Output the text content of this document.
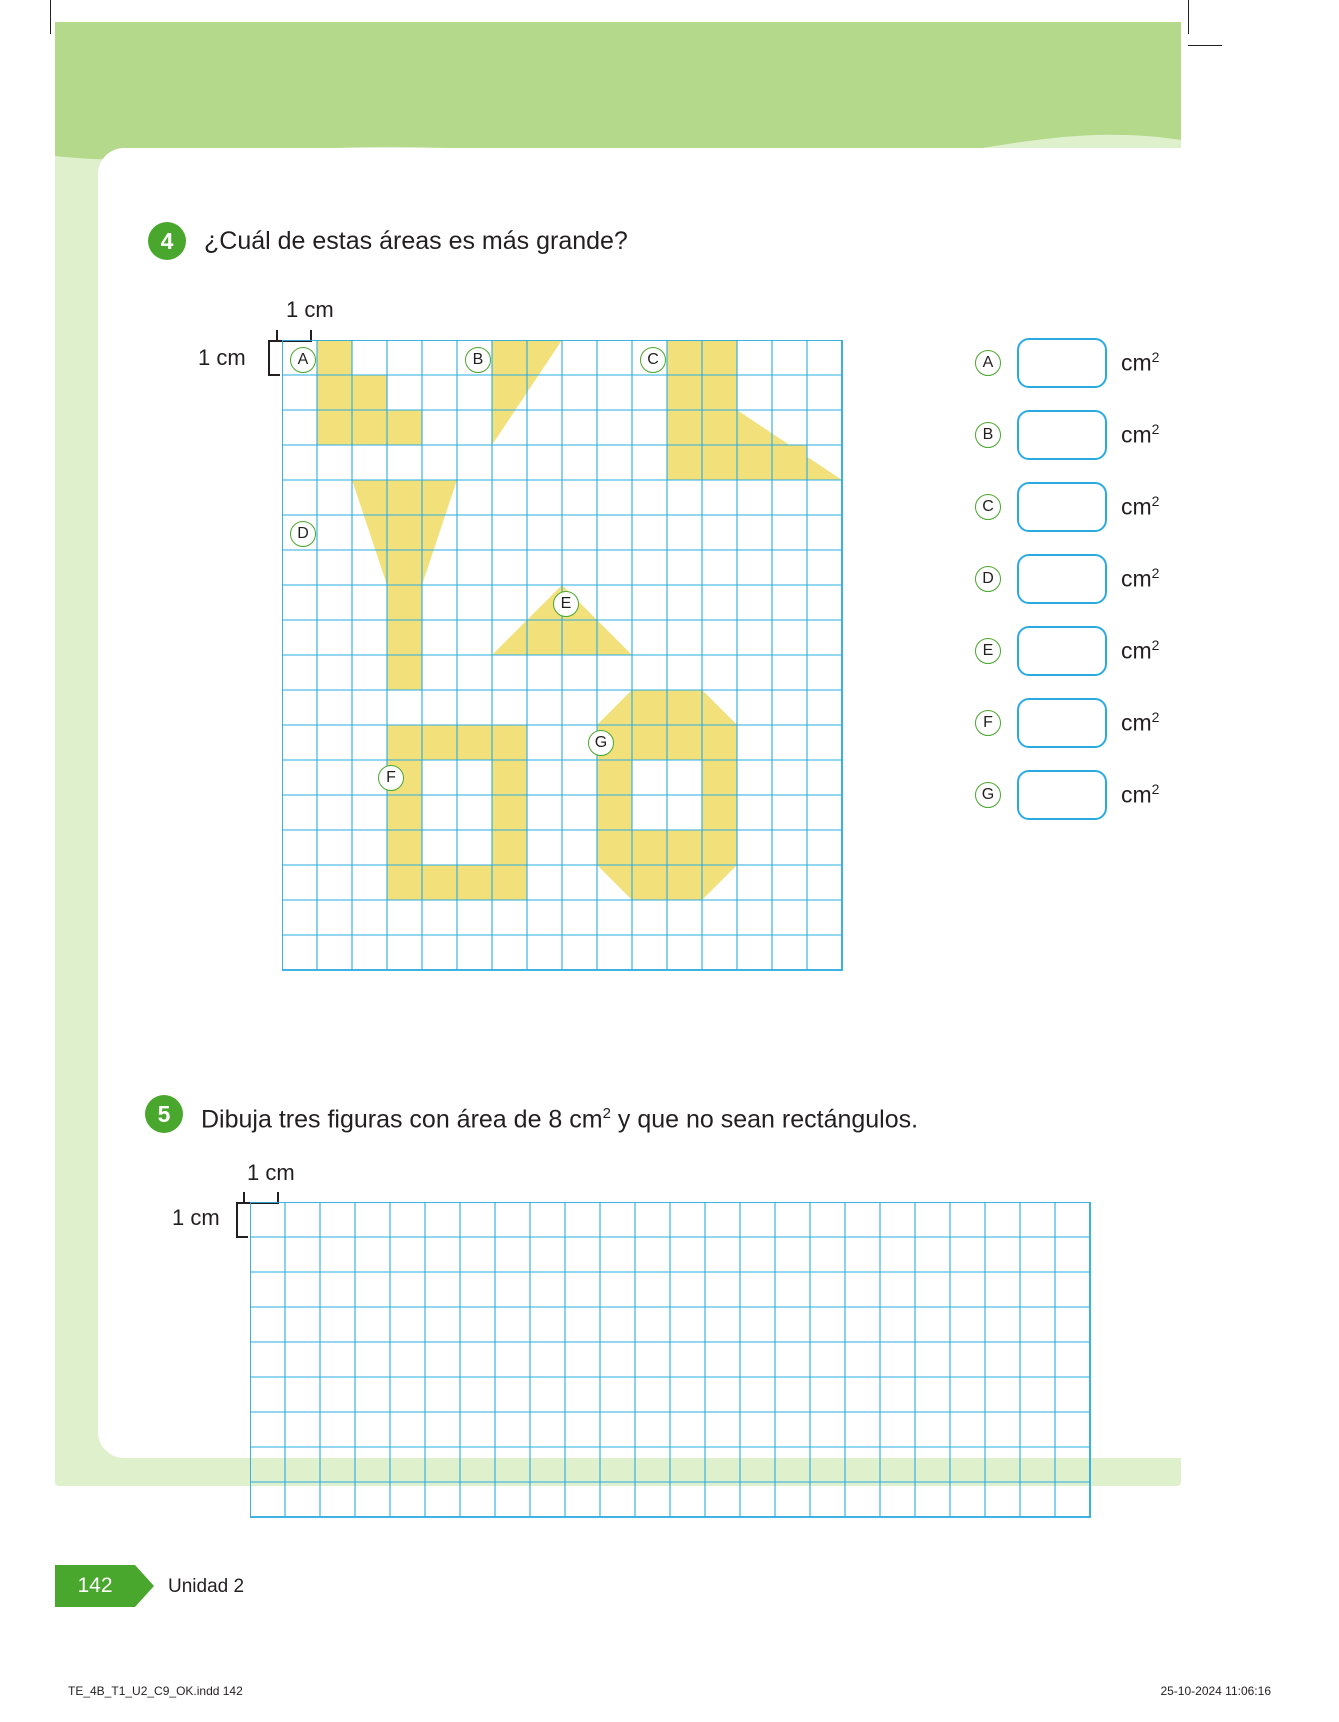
4	¿Cuál de estas áreas es más grande?
1 cm
1 cm	A	B	C
D
E
F
G
A	$cm^2$
B	$cm^2$
C	$cm^2$
D	$cm^2$
E	$cm^2$
F	$cm^2$
G	$cm^2$
5	Dibuja tres figuras con área de 8 $cm^2$ y que no sean rectángulos.
1 cm
1 cm
142	Unidad 2
TE_4B_T1_U2_C9_OK.indd 142	25-10-2024 11:06:16
